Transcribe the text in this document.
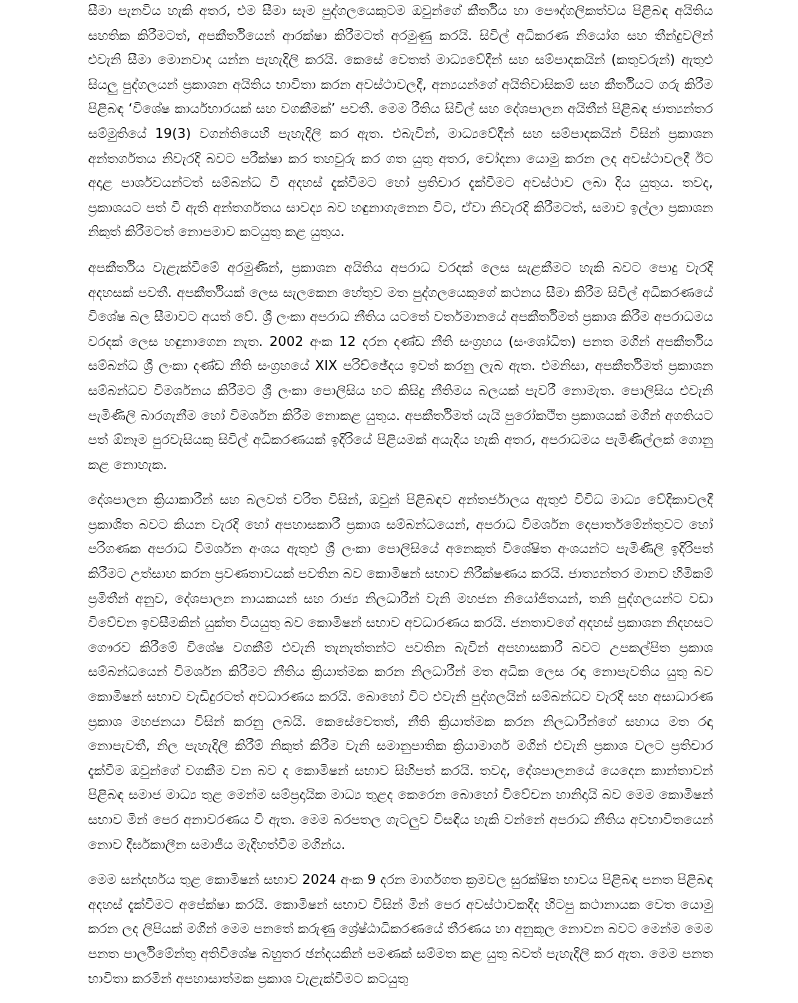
සීමා පැනවිය හැකි අතර, එම සීමා සෑම පුද්ගලයෙකුටම ඔවුන්ගේ කීර්තිය හා පෞද්ගලිකත්වය පිළිබඳ අයිතිය සහතික කිරීමටත්, අපකීර්තියෙන් ආරක්ෂා කිරීමටත් අරමුණු කරයි. සිවිල් අධිකරණ නියෝග සහ තීන්දුවලින් එවැනි සීමා මොනවාද යන්න පැහැදිලි කරයි. කෙසේ වෙතත් මාධ්‍යවේදීන් සහ සම්පාදකයින් (කතුවරුන්) ඇතුළු සියලු පුද්ගලයන් ප්‍රකාශන අයිතිය භාවිතා කරන අවස්ථාවලදී, අන්‍යයන්ගේ අයිතිවාසිකම් සහ කීර්තියට ගරු කිරීම පිළිබඳ ‘විශේෂ කාර්යභාරයක් සහ වගකීමක්’ පවතී. මෙම රීතිය සිවිල් සහ දේශපාලන අයිතීන් පිළිබඳ ජාත්‍යන්තර සම්මුතියේ 19(3) වගන්තියෙහි පැහැදිලි කර ඇත. එබැවින්, මාධ්‍යවේදීන් සහ සම්පාදකයින් විසින් ප්‍රකාශන අන්තර්ගතය නිවැරදි බවට පරීක්ෂා කර තහවුරු කර ගත යුතු අතර, චෝදනා යොමු කරන ලද අවස්ථාවලදී ඊට අදාළ පාර්ශවයන්ටත් සම්බන්ධ වී අදහස් දැක්වීමට හෝ ප්‍රතිචාර දැක්වීමට අවස්ථාව ලබා දිය යුතුය. තවද, ප්‍රකාශයට පත් වී ඇති අන්තර්ගතය සාවද්‍ය බව හඳුනාගැනෙන විට, ඒවා නිවැරදි කිරීමටත්, සමාව ඉල්ලා ප්‍රකාශන නිකුත් කිරීමටත් නොපමාව කටයුතු කළ යුතුය.

අපකීර්තිය වැළැක්වීමේ අරමුණින්, ප්‍රකාශන අයිතිය අපරාධ වරදක් ලෙස සැළකීමට හැකි බවට පොදු වැරදි අදහසක් පවතී. අපකීර්තියක් ලෙස සැලකෙන හේතුව මත පුද්ගලයෙකුගේ කථනය සීමා කිරීම සිවිල් අධිකරණයේ විශේෂ බල සීමාවට අයත් වේ. ශ්‍රී ලංකා අපරාධ නීතිය යටතේ වර්තමානයේ අපකීර්තිමත් ප්‍රකාශ කිරීම අපරාධමය වරදක් ලෙස හඳුනාගෙන නැත. 2002 අංක 12 දරන දණ්ඩ නීති සංග්‍රහය (සංශෝධිත) පනත මගින් අපකීර්තිය සම්බන්ධ ශ්‍රී ලංකා දණ්ඩ නීති සංග්‍රහයේ XIX පරිච්ඡේදය ඉවත් කරනු ලැබ ඇත. එමනිසා, අපකීර්තිමත් ප්‍රකාශන සම්බන්ධව විමර්ශනය කිරීමට ශ්‍රී ලංකා පොලිසිය හට කිසිදු නීතිමය බලයක් පැවරී නොමැත. පොලිසිය එවැනි පැමිණිලි බාරගැනීම හෝ විමර්ශන කිරීම නොකළ යුතුය. අපකීර්තිමත් යැයි පුරෝකථිත ප්‍රකාශයක් මගින් අගතියට පත් ඕනෑම පුරවැසියකු සිවිල් අධිකරණයක් ඉදිරියේ පිළියමක් අයැදිය හැකි අතර, අපරාධමය පැමිණිල්ලක් ගොනු කළ නොහැක.

දේශපාලන ක්‍රියාකාරීන් සහ බලවත් චරිත විසින්, ඔවුන් පිළිබඳව අන්තර්ජාලය ඇතුළු විවිධ මාධ්‍ය වේදිකාවලදී ප්‍රකාශිත බවට කියන වැරදි හෝ අපහාසකාරී ප්‍රකාශ සම්බන්ධයෙන්, අපරාධ විමර්ශන දෙපාර්තමේන්තුවට හෝ පරිගණක අපරාධ විමර්ශන අංශය ඇතුළු ශ්‍රී ලංකා පොලිසියේ අනෙකුත් විශේෂිත අංශයන්ට පැමිණිලි ඉදිරිපත් කිරීමට උත්සාහ කරන ප්‍රවණතාවයක් පවතින බව කොමිෂන් සභාව නිරීක්ෂණය කරයි. ජාත්‍යන්තර මානව හිමිකම් ප්‍රමිතීන් අනුව, දේශපාලන නායකයන් සහ රාජ්‍ය නිලධාරීන් වැනි මහජන නියෝජිතයන්, තනි පුද්ගලයන්ට වඩා විවේචන ඉවසීමකින් යුක්ත වියයුතු බව කොමිෂන් සභාව අවධාරණය කරයි. ජනතාවගේ අදහස් ප්‍රකාශන නිදහසට ගෞරව කිරීමේ විශේෂ වගකීම් එවැනි තැනැත්තන්ට පවතින බැවින් අපහාසකාරී බවට උපකල්පිත ප්‍රකාශ සම්බන්ධයෙන් විමර්ශන කිරීමට නීතිය ක්‍රියාත්මක කරන නිලධාරීන් මත අධික ලෙස රඳා නොපැවතිය යුතු බව කොමිෂන් සභාව වැඩිදුරටත් අවධාරණය කරයි. බොහෝ විට එවැනි පුද්ගලයින් සම්බන්ධව වැරදි සහ අසාධාරණ ප්‍රකාශ මහජනයා විසින් කරනු ලබයි. කෙසේවෙතත්, නීති ක්‍රියාත්මක කරන නිලධාරීන්ගේ සහාය මත රඳා නොපැවතී, නිල පැහැදිලි කිරීම් නිකුත් කිරීම වැනි සමානුපාතික ක්‍රියාමාර්ග මගින් එවැනි ප්‍රකාශ වලට ප්‍රතිචාර දැක්වීම ඔවුන්ගේ වගකීම වන බව ද කොමිෂන් සභාව සිහිපත් කරයි. තවද, දේශපාලනයේ යෙදෙන කාන්තාවන් පිළිබඳ සමාජ මාධ්‍ය තුළ මෙන්ම සම්ප්‍රදායික මාධ්‍ය තුළද කෙරෙන බොහෝ විවේචන හානිදායි බව මෙම කොමිෂන් සභාව මින් පෙර අනාවරණය වී ඇත. මෙම බරපතල ගැටලුව විසඳිය හැකි වන්නේ අපරාධ නීතිය අවභාවිතයෙන් නොව දීර්ඝකාලීන සමාජීය මැදිහත්වීම මගින්ය.

මෙම සන්දර්භය තුළ කොමිෂන් සභාව 2024 අංක 9 දරන මාර්ගගත ක්‍රමවල සුරක්ෂිත භාවය පිළිබඳ පනත පිළිබඳ අදහස් දැක්වීමට අපේක්ෂා කරයි. කොමිෂන් සභාව විසින් මින් පෙර අවස්ථාවකදීද හිටපු කථානායක වෙත යොමු කරන ලද ලිපියක් මගින් මෙම පනතේ කරුණු ශ්‍රේෂ්ඨාධිකරණයේ තීරණය හා අනුකූල නොවන බවට මෙන්ම මෙම පනත පාර්ලිමේන්තු අතිවිශේෂ බහුතර ඡන්දයකින් පමණක් සම්මත කළ යුතු බවත් පැහැදිලි කර ඇත. මෙම පනත භාවිතා කරමින් අපහාසාත්මක ප්‍රකාශ වැළැක්වීමට කටයුතු
